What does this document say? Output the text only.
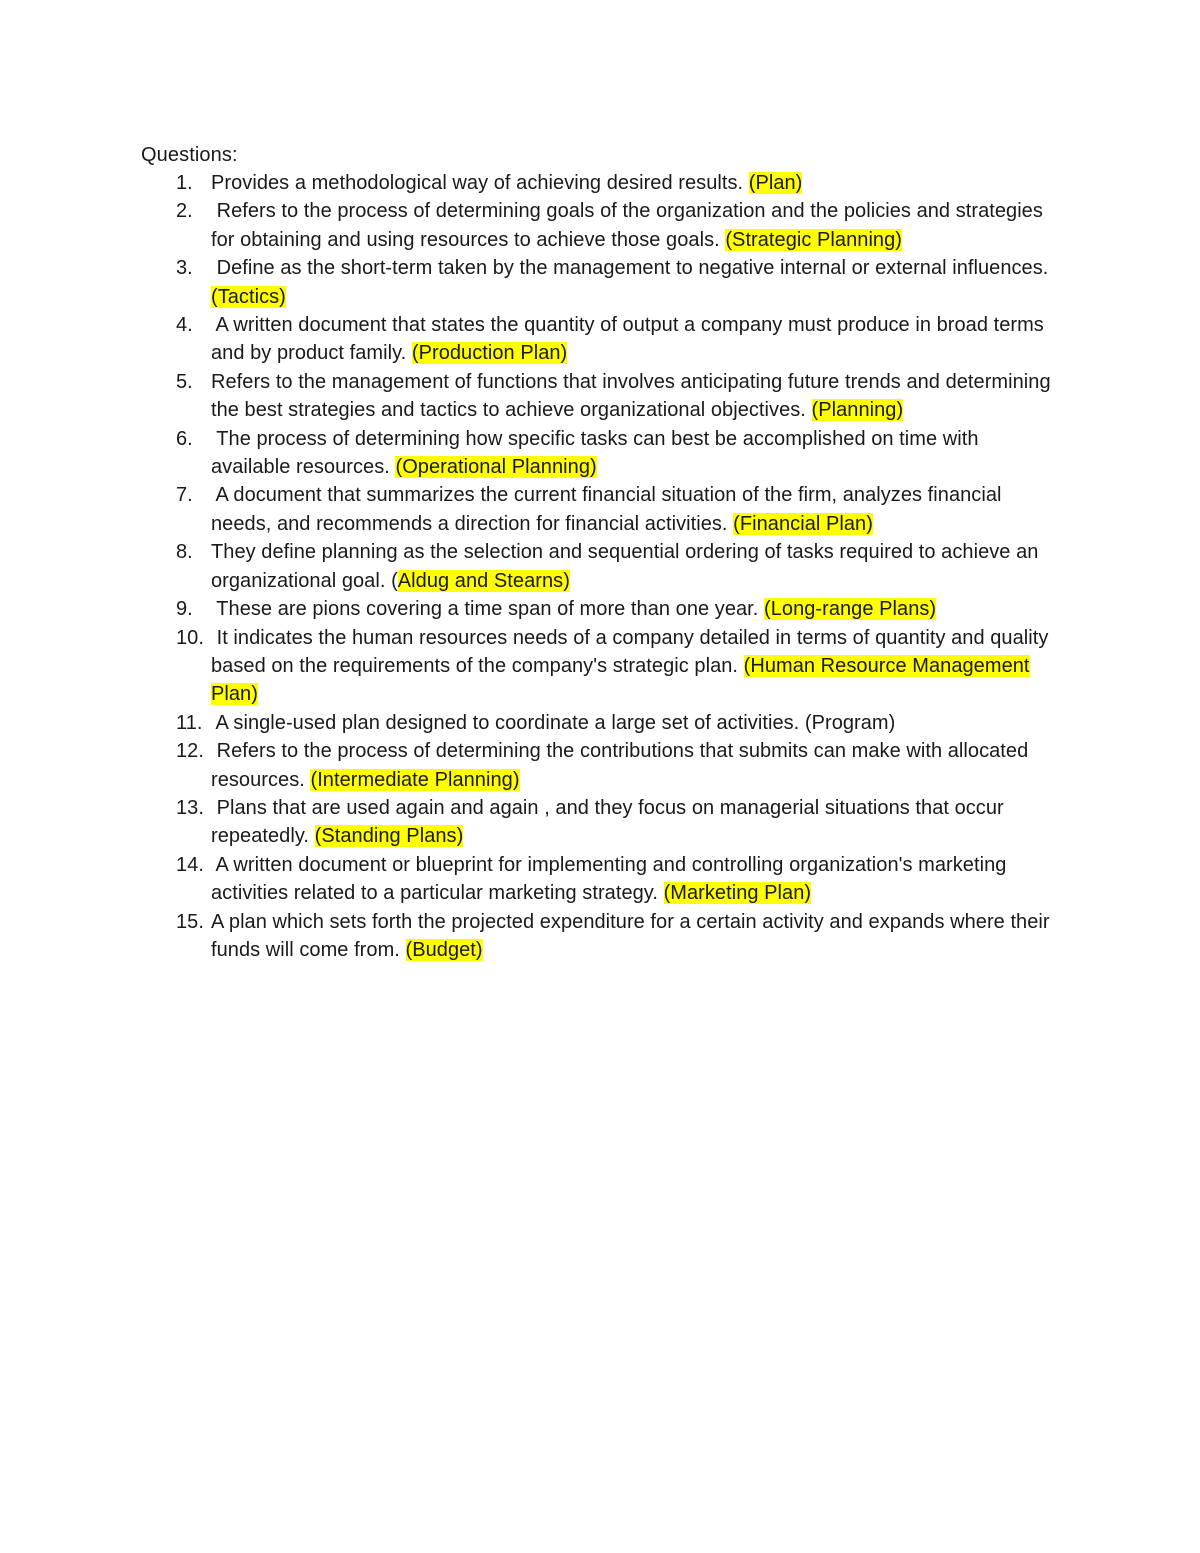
Questions:
1. Provides a methodological way of achieving desired results. (Plan)
2.	Refers to the process of determining goals of the organization and the policies and strategies for obtaining and using resources to achieve those goals. (Strategic Planning)
3.	Define as the short-term taken by the management to negative internal or external influences. (Tactics)
4.	A written document that states the quantity of output a company must produce in broad terms and by product family. (Production Plan)
5. Refers to the management of functions that involves anticipating future trends and determining the best strategies and tactics to achieve organizational objectives. (Planning)
6.	The process of determining how specific tasks can best be accomplished on time with available resources. (Operational Planning)
7.	A document that summarizes the current financial situation of the firm, analyzes financial needs, and recommends a direction for financial activities. (Financial Plan)
8. They define planning as the selection and sequential ordering of tasks required to achieve an organizational goal. (Aldug and Stearns)
9.	These are pions covering a time span of more than one year. (Long-range Plans)
10. It indicates the human resources needs of a company detailed in terms of quantity and quality based on the requirements of the company's strategic plan. (Human Resource Management Plan)
11. A single-used plan designed to coordinate a large set of activities. (Program)
12. Refers to the process of determining the contributions that submits can make with allocated resources. (Intermediate Planning)
13. Plans that are used again and again , and they focus on managerial situations that occur repeatedly. (Standing Plans)
14. A written document or blueprint for implementing and controlling organization's marketing activities related to a particular marketing strategy. (Marketing Plan)
15. A plan which sets forth the projected expenditure for a certain activity and expands where their funds will come from. (Budget)
